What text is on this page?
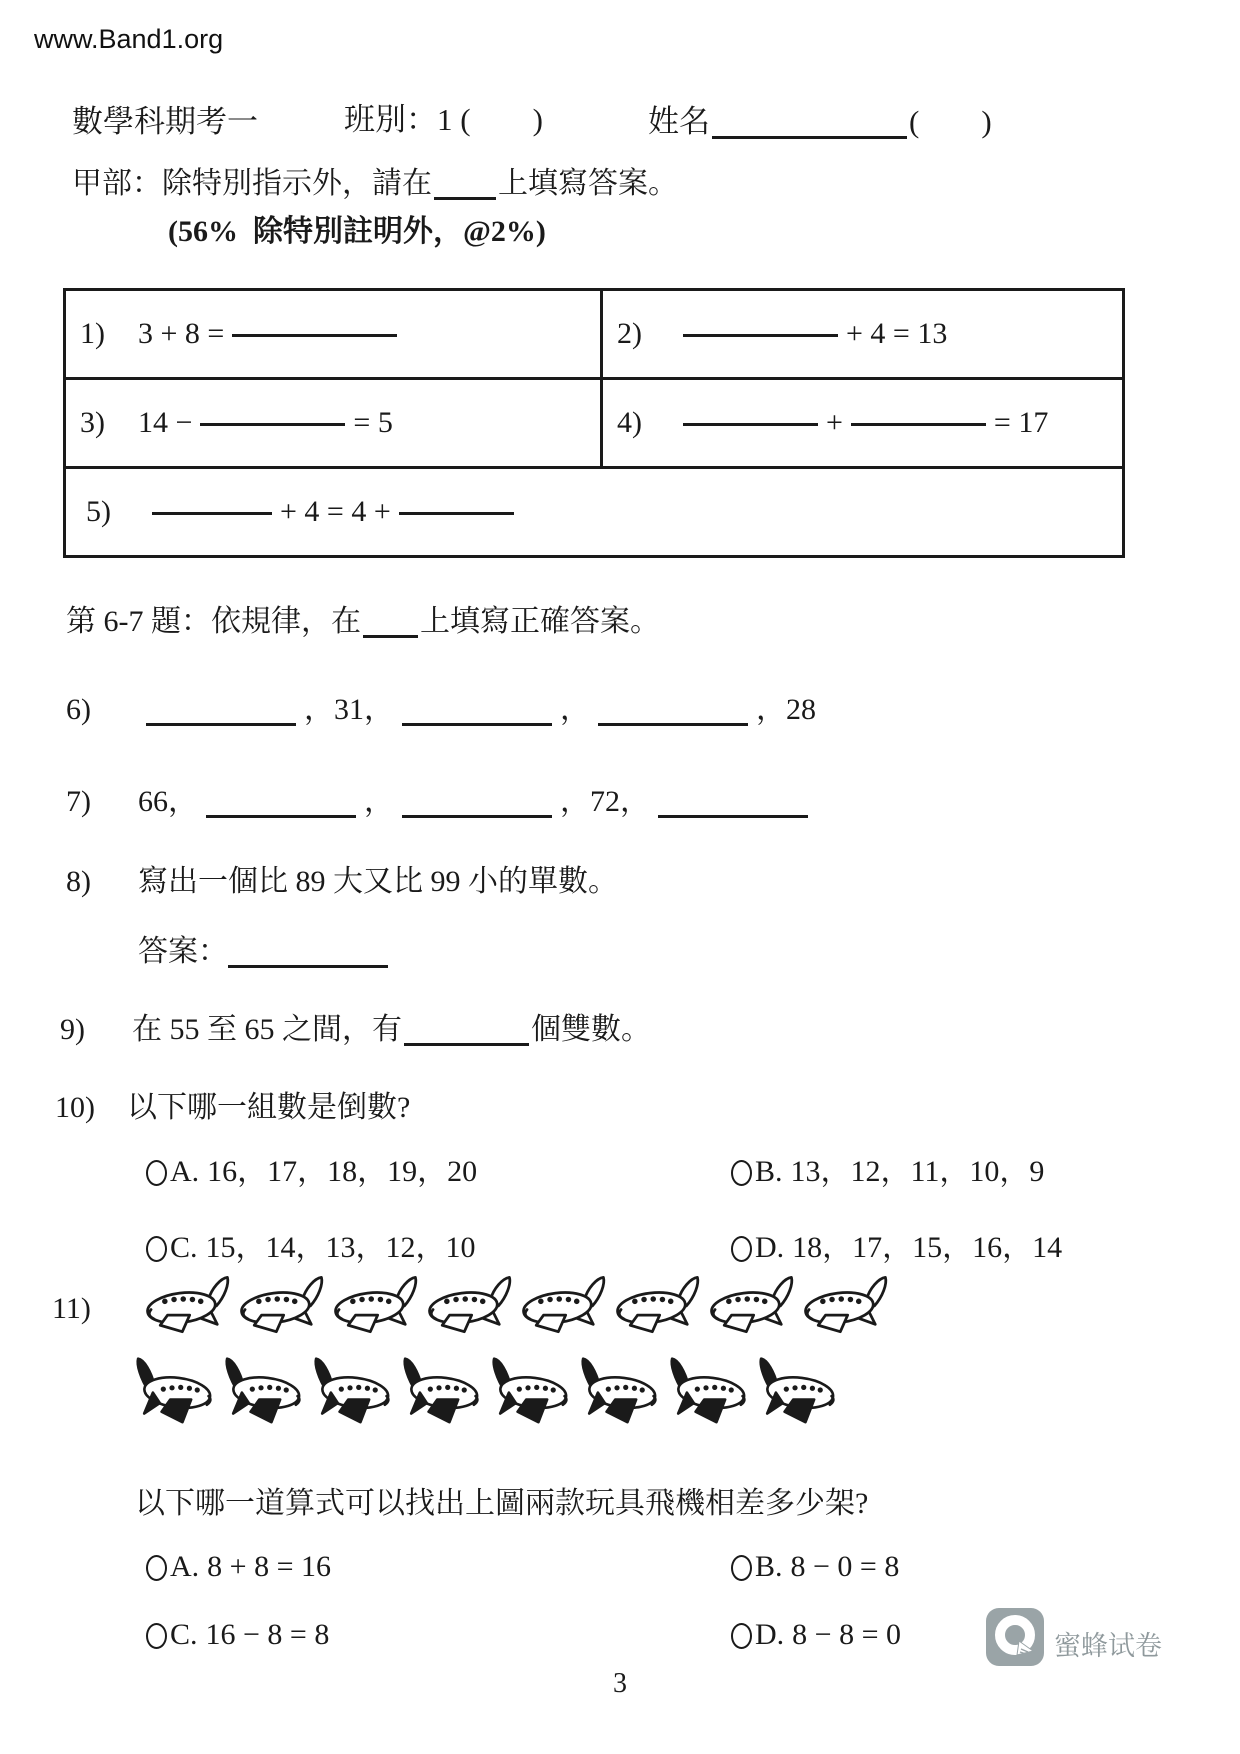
www.Band1.org
數學科期考一	班別：1 (　　)	姓名	(　　)
甲部：除特別指示外，請在 上填寫答案。
(56%  除特別註明外，@2%)
1)	3 + 8 =	2)	+ 4 = 13
3)	14 −	= 5	4)	+	= 17
5)	+ 4 = 4 +
第 6-7 題：依規律，在 上填寫正確答案。
6)	，31，	，	，28
7) 66，	，	，72，
8) 寫出一個比 89 大又比 99 小的單數。
答案：
9) 在 55 至 65 之間，有	個雙數。
10) 以下哪一組數是倒數?
A. 16，17，18，19，20	B. 13，12，11，10，9
C. 15，14，13，12，10	D. 18，17，15，16，14
11)
以下哪一道算式可以找出上圖兩款玩具飛機相差多少架?
A. 8 + 8 = 16	B. 8 − 0 = 8
C. 16 − 8 = 8	D. 8 − 8 = 0
3
蜜蜂试卷
